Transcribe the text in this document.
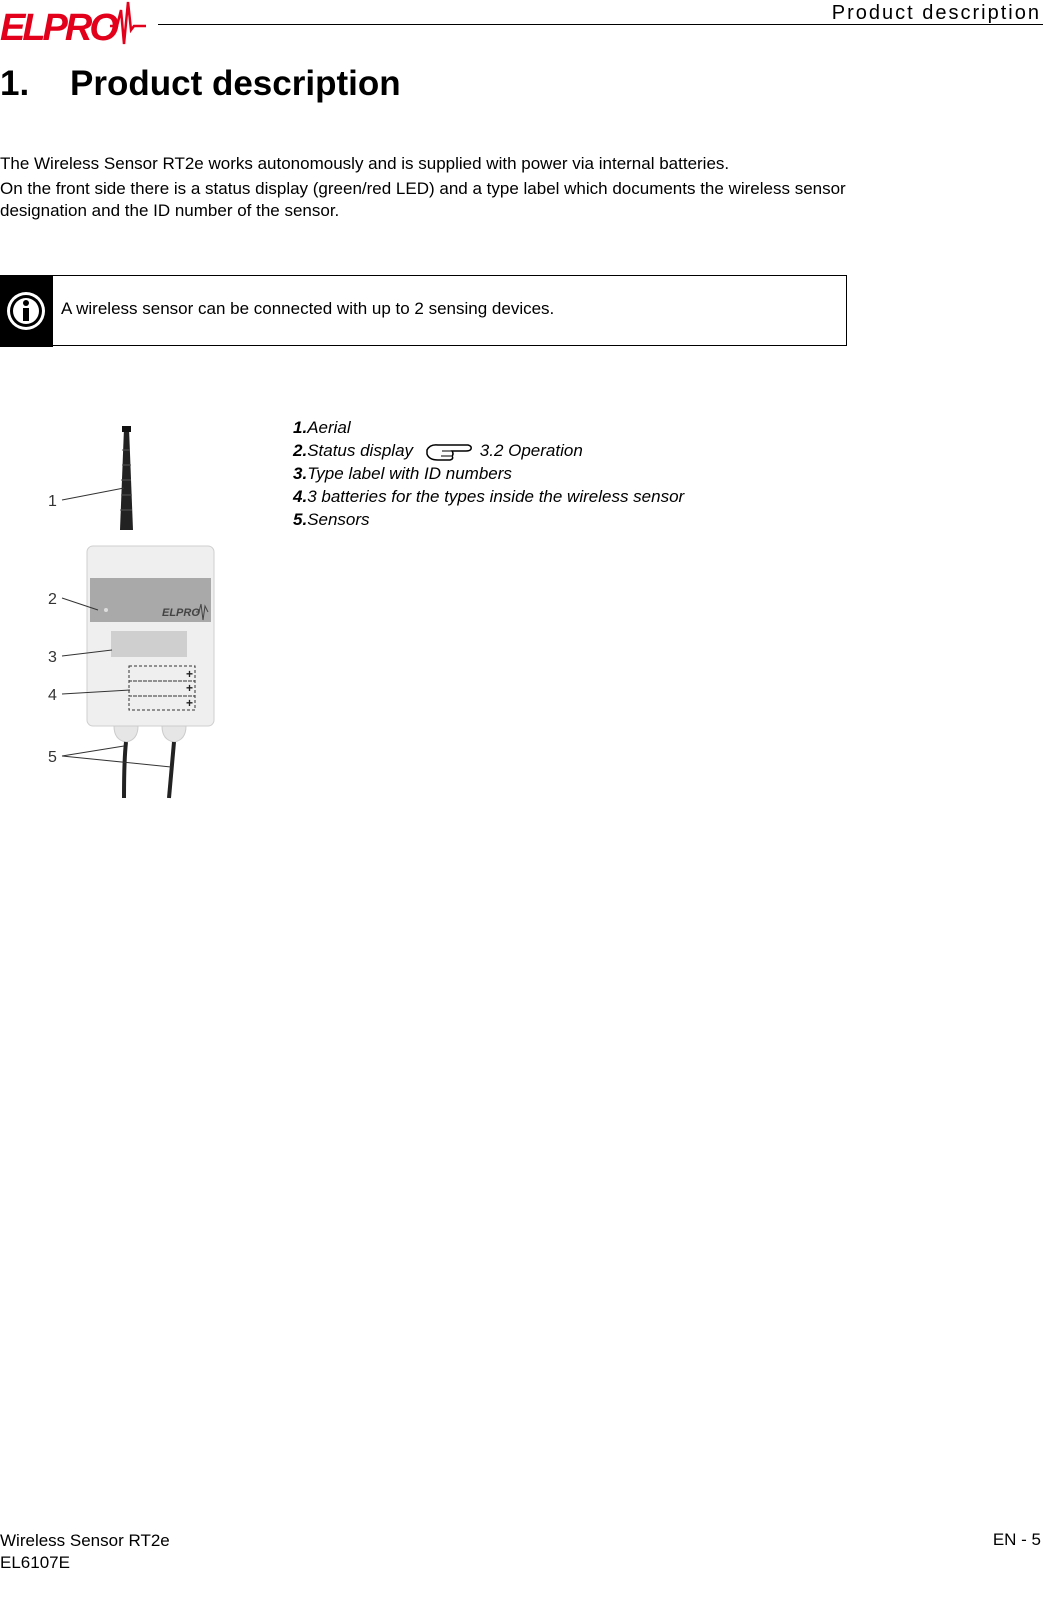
ELPRO	Product description
1. Product description
The Wireless Sensor RT2e works autonomously and is supplied with power via internal batteries.
On the front side there is a status display (green/red LED) and a type label which documents the wireless sensor designation and the ID number of the sensor.
A wireless sensor can be connected with up to 2 sensing devices.
ELPRO
+
+
+
1
2
3
4
5
1.Aerial
2.Status display	3.2 Operation
3.Type label with ID numbers
4.3 batteries for the types inside the wireless sensor
5.Sensors
Wireless Sensor RT2e
EL6107E
EN - 5
